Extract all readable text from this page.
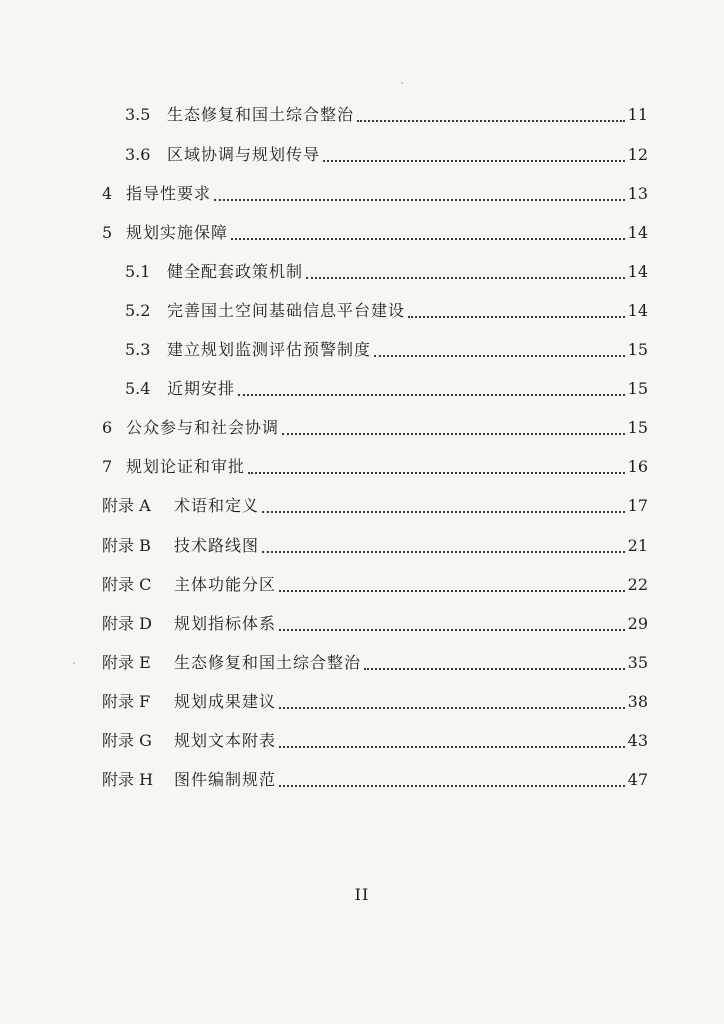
3.5	生态修复和国土综合整治	11
3.6	区域协调与规划传导	12
4 指导性要求	13
5 规划实施保障	14
5.1	健全配套政策机制	14
5.2	完善国土空间基础信息平台建设	14
5.3	建立规划监测评估预警制度	15
5.4	近期安排	15
6 公众参与和社会协调	15
7 规划论证和审批	16
附录 A	术语和定义	17
附录 B	技术路线图	21
附录 C	主体功能分区	22
附录 D	规划指标体系	29
附录 E	生态修复和国土综合整治	35
附录 F	规划成果建议	38
附录 G	规划文本附表	43
附录 H	图件编制规范	47
II
